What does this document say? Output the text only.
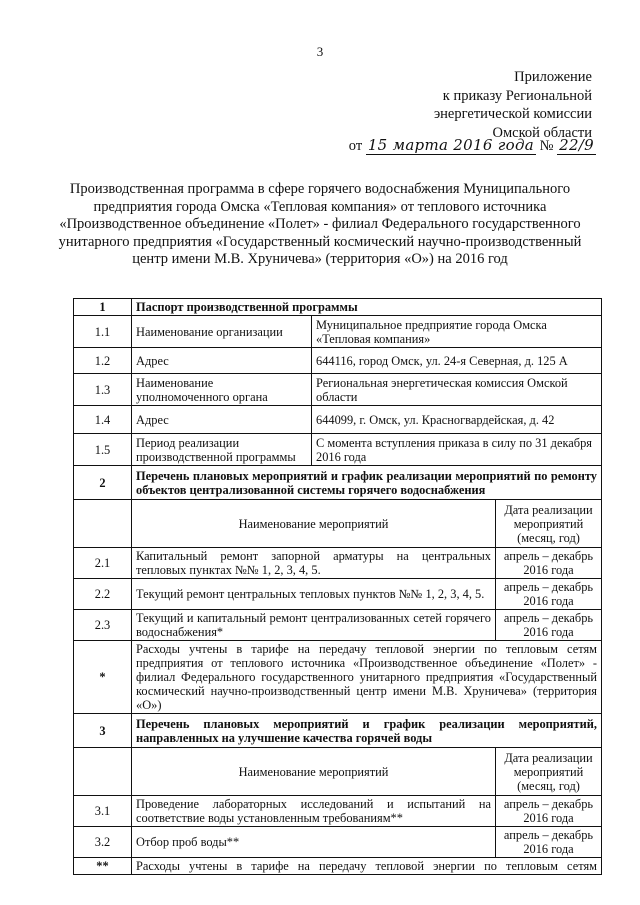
3
Приложение
к приказу Региональной
энергетической комиссии
Омской области
от 15 марта 2016 года № 22/9
Производственная программа в сфере горячего водоснабжения Муниципального предприятия города Омска «Тепловая компания» от теплового источника «Производственное объединение «Полет» - филиал Федерального государственного унитарного предприятия «Государственный космический научно-производственный центр имени М.В. Хруничева» (территория «О») на 2016 год
1	Паспорт производственной программы		
1.1	Наименование организации	Муниципальное предприятие города Омска «Тепловая компания»	
1.2	Адрес	644116, город Омск, ул. 24-я Северная, д. 125 А	
1.3	Наименование уполномоченного органа	Региональная энергетическая комиссия Омской области	
1.4	Адрес	644099, г. Омск, ул. Красногвардейская, д. 42	
1.5	Период реализации производственной программы	С момента вступления приказа в силу по 31 декабря 2016 года	
2	Перечень плановых мероприятий и график реализации мероприятий по ремонту объектов централизованной системы горячего водоснабжения		
	Наименование мероприятий		Дата реализации мероприятий (месяц, год)
2.1	Капитальный ремонт запорной арматуры на центральных тепловых пунктах №№ 1, 2, 3, 4, 5.		апрель – декабрь 2016 года
2.2	Текущий ремонт центральных тепловых пунктов №№ 1, 2, 3, 4, 5.		апрель – декабрь 2016 года
2.3	Текущий и капитальный ремонт централизованных сетей горячего водоснабжения*		апрель – декабрь 2016 года
*	Расходы учтены в тарифе на передачу тепловой энергии по тепловым сетям предприятия от теплового источника «Производственное объединение «Полет» - филиал Федерального государственного унитарного предприятия «Государственный космический научно-производственный центр имени М.В. Хруничева» (территория «О»)		
3	Перечень плановых мероприятий и график реализации мероприятий, направленных на улучшение качества горячей воды		
	Наименование мероприятий		Дата реализации мероприятий (месяц, год)
3.1	Проведение лабораторных исследований и испытаний на соответствие воды установленным требованиям**		апрель – декабрь 2016 года
3.2	Отбор проб воды**		апрель – декабрь 2016 года
**	Расходы учтены в тарифе на передачу тепловой энергии по тепловым сетям		
